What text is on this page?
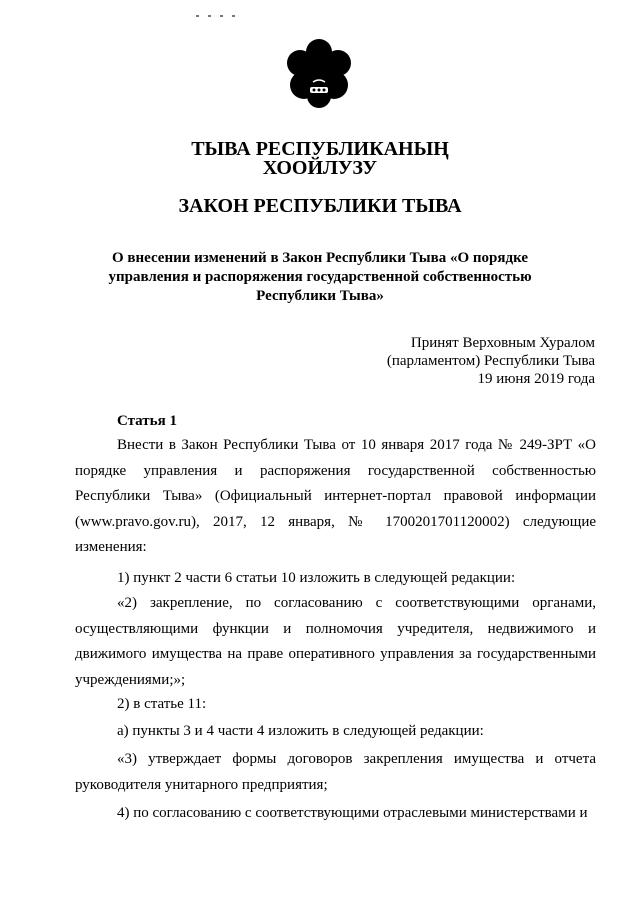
ТЫВА РЕСПУБЛИКАНЫҢ
ХООЙЛУЗУ
ЗАКОН РЕСПУБЛИКИ ТЫВА
О внесении изменений в Закон Республики Тыва «О порядке управления и распоряжения государственной собственностью Республики Тыва»
Принят Верховным Хуралом
(парламентом) Республики Тыва
19 июня 2019 года
Статья 1

Внести в Закон Республики Тыва от 10 января 2017 года № 249-ЗРТ «О порядке управления и распоряжения государственной собственностью Республики Тыва» (Официальный интернет-портал правовой информации (www.pravo.gov.ru), 2017, 12 января, № 1700201701120002) следующие изменения:

1) пункт 2 части 6 статьи 10 изложить в следующей редакции:

«2) закрепление, по согласованию с соответствующими органами, осуществляющими функции и полномочия учредителя, недвижимого и движимого имущества на праве оперативного управления за государственными учреждениями;»;

2) в статье 11:

а) пункты 3 и 4 части 4 изложить в следующей редакции:

«3) утверждает формы договоров закрепления имущества и отчета руководителя унитарного предприятия;

4) по согласованию с соответствующими отраслевыми министерствами и
